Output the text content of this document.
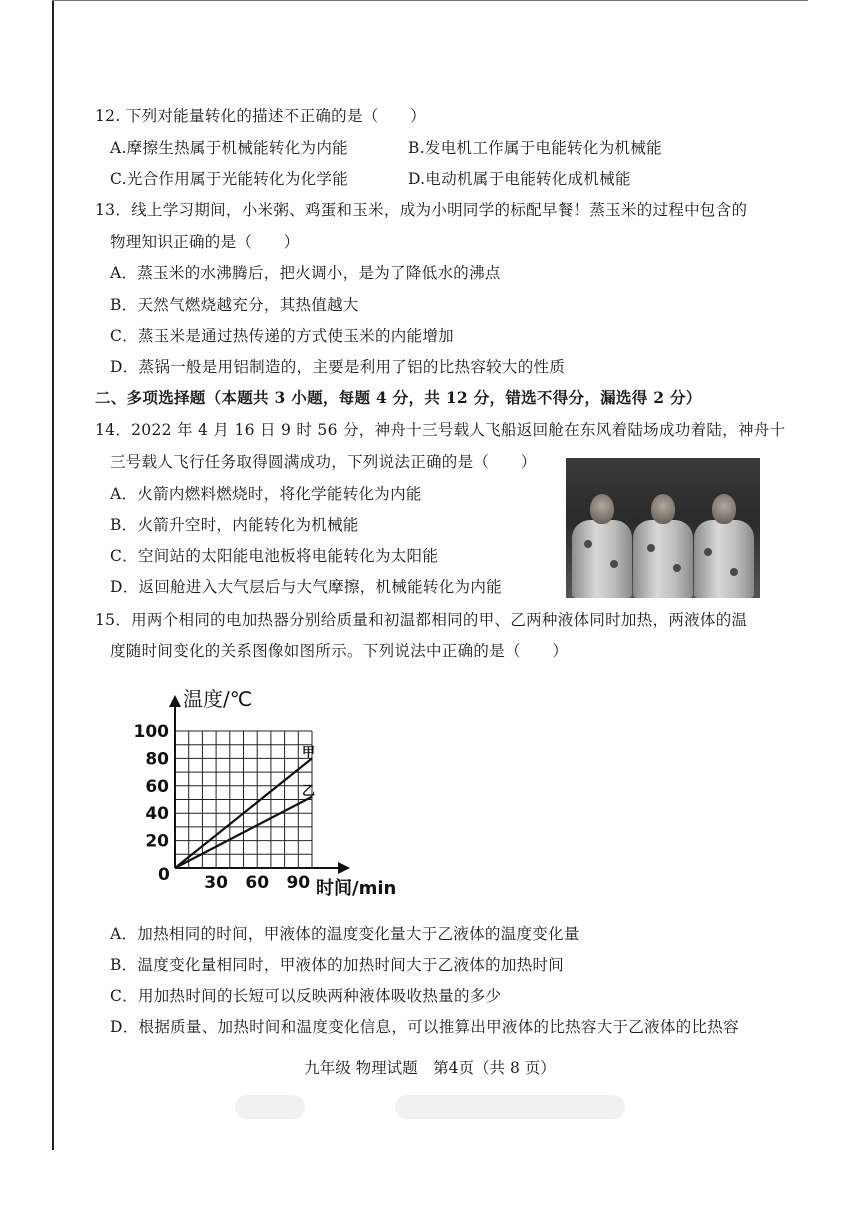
12. 下列对能量转化的描述不正确的是（　　）
A.摩擦生热属于机械能转化为内能	B.发电机工作属于电能转化为机械能
C.光合作用属于光能转化为化学能	D.电动机属于电能转化成机械能
13．线上学习期间，小米粥、鸡蛋和玉米，成为小明同学的标配早餐！蒸玉米的过程中包含的
物理知识正确的是（　　）
A．蒸玉米的水沸腾后，把火调小，是为了降低水的沸点
B．天然气燃烧越充分，其热值越大
C．蒸玉米是通过热传递的方式使玉米的内能增加
D．蒸锅一般是用铝制造的，主要是利用了铝的比热容较大的性质
二、多项选择题（本题共 3 小题，每题 4 分，共 12 分，错选不得分，漏选得 2 分）
14．2022 年 4 月 16 日 9 时 56 分，神舟十三号载人飞船返回舱在东风着陆场成功着陆，神舟十
三号载人飞行任务取得圆满成功，下列说法正确的是（　　）
A．火箭内燃料燃烧时，将化学能转化为内能
B．火箭升空时，内能转化为机械能
C．空间站的太阳能电池板将电能转化为太阳能
D．返回舱进入大气层后与大气摩擦，机械能转化为内能
15．用两个相同的电加热器分别给质量和初温都相同的甲、乙两种液体同时加热，两液体的温
度随时间变化的关系图像如图所示。下列说法中正确的是（　　）
20
40
60
80
100
30 60 90
甲
乙
温度/℃
时间/min
0
A．加热相同的时间，甲液体的温度变化量大于乙液体的温度变化量
B．温度变化量相同时，甲液体的加热时间大于乙液体的加热时间
C．用加热时间的长短可以反映两种液体吸收热量的多少
D．根据质量、加热时间和温度变化信息，可以推算出甲液体的比热容大于乙液体的比热容
九年级 物理试题　第4页（共 8 页）
